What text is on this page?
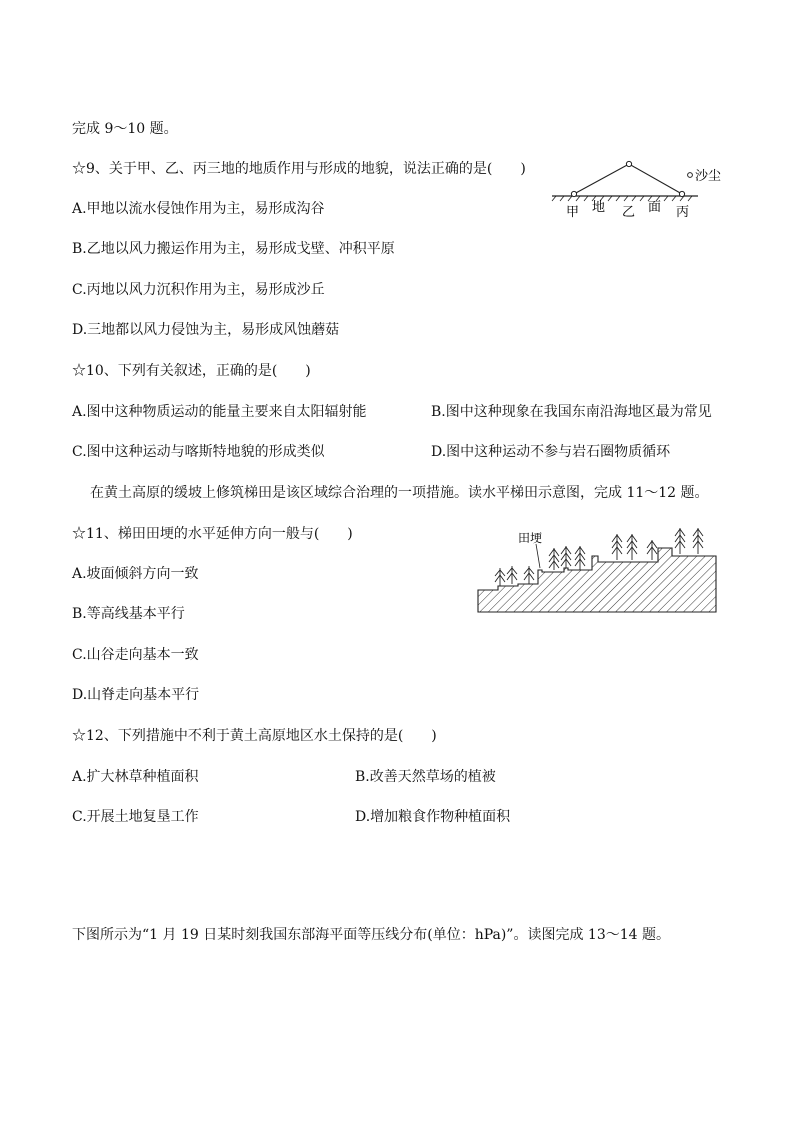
完成 9～10 题。
☆9、关于甲、乙、丙三地的地质作用与形成的地貌，说法正确的是(　　)
A.甲地以流水侵蚀作用为主，易形成沟谷
B.乙地以风力搬运作用为主，易形成戈壁、冲积平原
C.丙地以风力沉积作用为主，易形成沙丘
D.三地都以风力侵蚀为主，易形成风蚀蘑菇
沙尘
甲 地 乙 面 丙
☆10、下列有关叙述，正确的是(　　)
A.图中这种物质运动的能量主要来自太阳辐射能	B.图中这种现象在我国东南沿海地区最为常见
C.图中这种运动与喀斯特地貌的形成类似	D.图中这种运动不参与岩石圈物质循环
在黄土高原的缓坡上修筑梯田是该区域综合治理的一项措施。读水平梯田示意图，完成 11～12 题。
☆11、梯田田埂的水平延伸方向一般与(　　)
A.坡面倾斜方向一致
B.等高线基本平行
C.山谷走向基本一致
D.山脊走向基本平行
田埂
☆12、下列措施中不利于黄土高原地区水土保持的是(　　)
A.扩大林草种植面积	B.改善天然草场的植被
C.开展土地复垦工作	D.增加粮食作物种植面积
下图所示为“1 月 19 日某时刻我国东部海平面等压线分布(单位：hPa)”。读图完成 13～14 题。
